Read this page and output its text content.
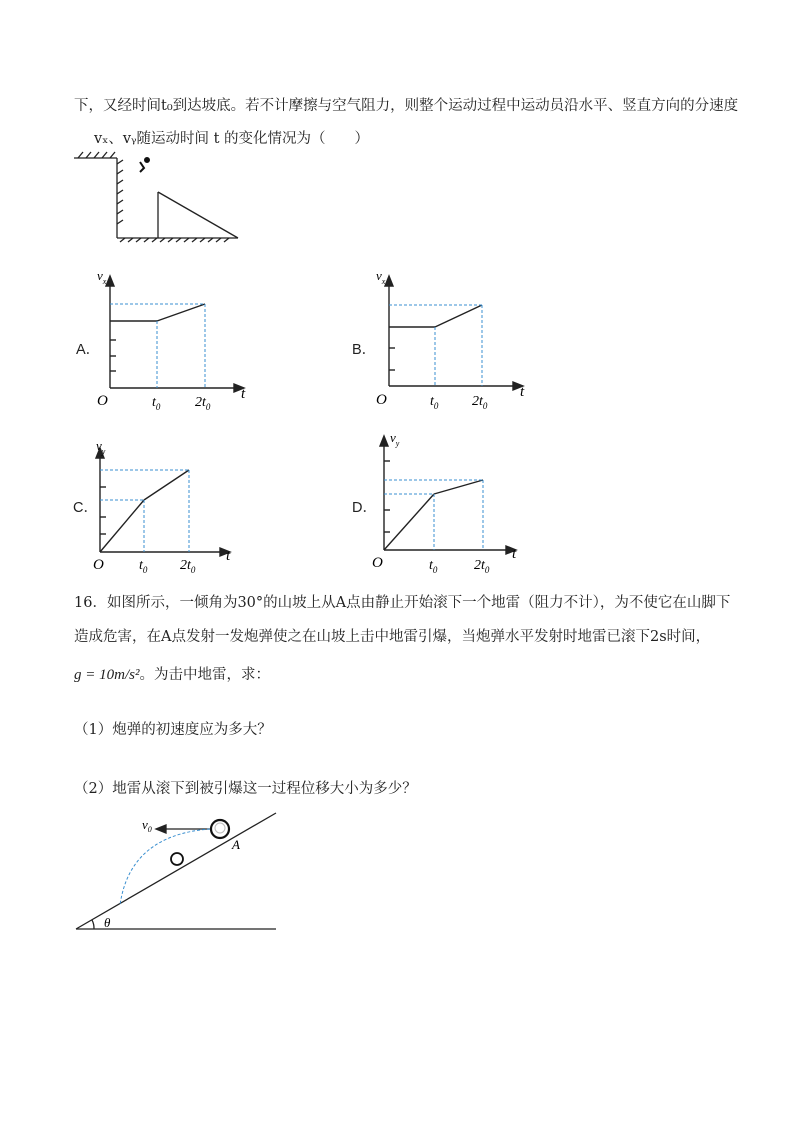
下，又经时间t₀到达坡底。若不计摩擦与空气阻力，则整个运动过程中运动员沿水平、竖直方向的分速度
vₓ、vᵧ随运动时间 t 的变化情况为（　　）
A．
$v_x$
O	$t_0$ $2t_0$
t
B．
$v_x$
O	$t_0$ $2t_0$
t
C．
$v_y$
O	$t_0$ $2t_0$
t
D．
$v_y$
O	$t_0$	$2t_0$
t
16．如图所示，一倾角为30°的山坡上从A点由静止开始滚下一个地雷（阻力不计），为不使它在山脚下
造成危害，在A点发射一发炮弹使之在山坡上击中地雷引爆，当炮弹水平发射时地雷已滚下2s时间，
g = 10m/s²。为击中地雷，求：
（1）炮弹的初速度应为多大？
（2）地雷从滚下到被引爆这一过程位移大小为多少？
$v_0$
A
θ
